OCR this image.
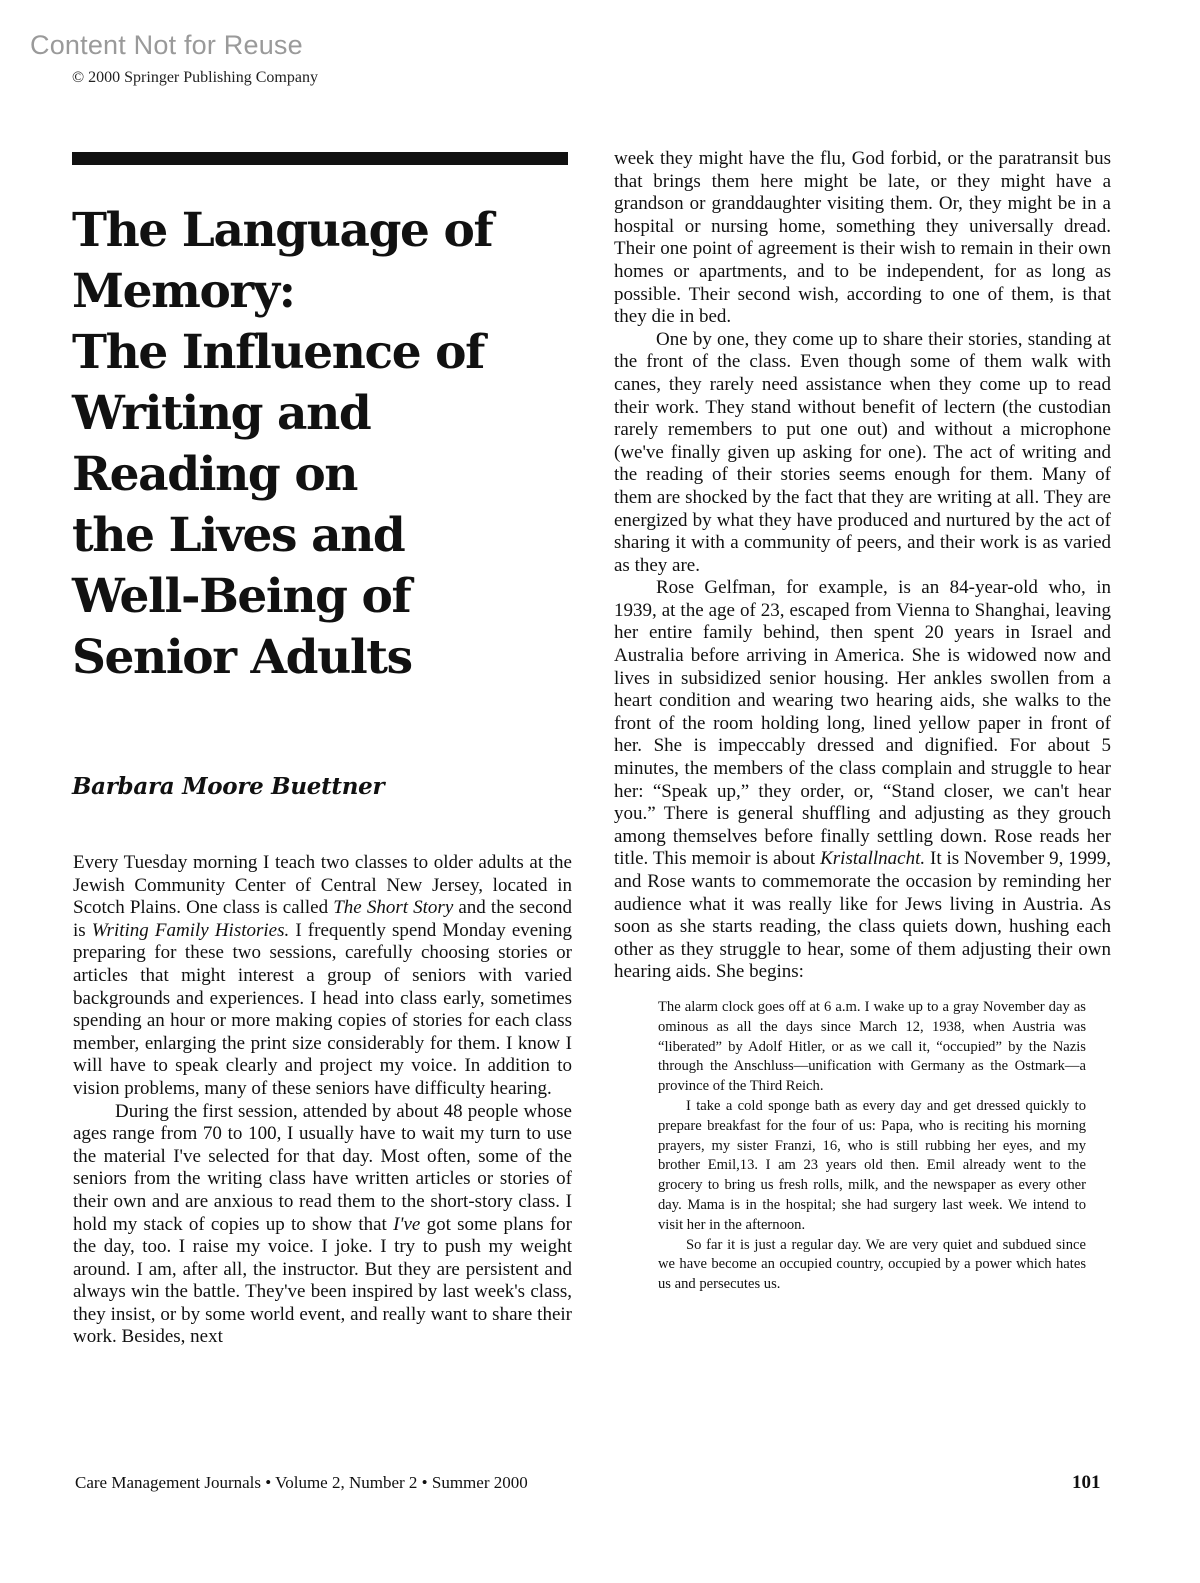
Content Not for Reuse
© 2000 Springer Publishing Company
The Language of
Memory:
The Influence of
Writing and
Reading on
the Lives and
Well-Being of
Senior Adults
Barbara Moore Buettner

Every Tuesday morning I teach two classes to older adults at the Jewish Community Center of Central New Jersey, located in Scotch Plains. One class is called The Short Story and the second is Writing Family Histories. I frequently spend Monday evening preparing for these two sessions, carefully choosing stories or articles that might interest a group of seniors with varied backgrounds and experiences. I head into class early, sometimes spending an hour or more making copies of stories for each class member, enlarging the print size considerably for them. I know I will have to speak clearly and project my voice. In addition to vision problems, many of these seniors have difficulty hearing.

During the first session, attended by about 48 people whose ages range from 70 to 100, I usually have to wait my turn to use the material I've selected for that day. Most often, some of the seniors from the writing class have written articles or stories of their own and are anxious to read them to the short-story class. I hold my stack of copies up to show that I've got some plans for the day, too. I raise my voice. I joke. I try to push my weight around. I am, after all, the instructor. But they are persistent and always win the battle. They've been inspired by last week's class, they insist, or by some world event, and really want to share their work. Besides, next

week they might have the flu, God forbid, or the paratransit bus that brings them here might be late, or they might have a grandson or granddaughter visiting them. Or, they might be in a hospital or nursing home, something they universally dread. Their one point of agreement is their wish to remain in their own homes or apartments, and to be independent, for as long as possible. Their second wish, according to one of them, is that they die in bed.

One by one, they come up to share their stories, standing at the front of the class. Even though some of them walk with canes, they rarely need assistance when they come up to read their work. They stand without benefit of lectern (the custodian rarely remembers to put one out) and without a microphone (we've finally given up asking for one). The act of writing and the reading of their stories seems enough for them. Many of them are shocked by the fact that they are writing at all. They are energized by what they have produced and nurtured by the act of sharing it with a community of peers, and their work is as varied as they are.

Rose Gelfman, for example, is an 84-year-old who, in 1939, at the age of 23, escaped from Vienna to Shanghai, leaving her entire family behind, then spent 20 years in Israel and Australia before arriving in America. She is widowed now and lives in subsidized senior housing. Her ankles swollen from a heart condition and wearing two hearing aids, she walks to the front of the room holding long, lined yellow paper in front of her. She is impeccably dressed and dignified. For about 5 minutes, the members of the class complain and struggle to hear her: “Speak up,” they order, or, “Stand closer, we can't hear you.” There is general shuffling and adjusting as they grouch among themselves before finally settling down. Rose reads her title. This memoir is about Kristallnacht. It is November 9, 1999, and Rose wants to commemorate the occasion by reminding her audience what it was really like for Jews living in Austria. As soon as she starts reading, the class quiets down, hushing each other as they struggle to hear, some of them adjusting their own hearing aids. She begins:

The alarm clock goes off at 6 a.m. I wake up to a gray November day as ominous as all the days since March 12, 1938, when Austria was “liberated” by Adolf Hitler, or as we call it, “occupied” by the Nazis through the Anschluss—unification with Germany as the Ostmark—a province of the Third Reich.

I take a cold sponge bath as every day and get dressed quickly to prepare breakfast for the four of us: Papa, who is reciting his morning prayers, my sister Franzi, 16, who is still rubbing her eyes, and my brother Emil,13. I am 23 years old then. Emil already went to the grocery to bring us fresh rolls, milk, and the newspaper as every other day. Mama is in the hospital; she had surgery last week. We intend to visit her in the afternoon.

So far it is just a regular day. We are very quiet and subdued since we have become an occupied country, occupied by a power which hates us and persecutes us.

Care Management Journals • Volume 2, Number 2 • Summer 2000	101
